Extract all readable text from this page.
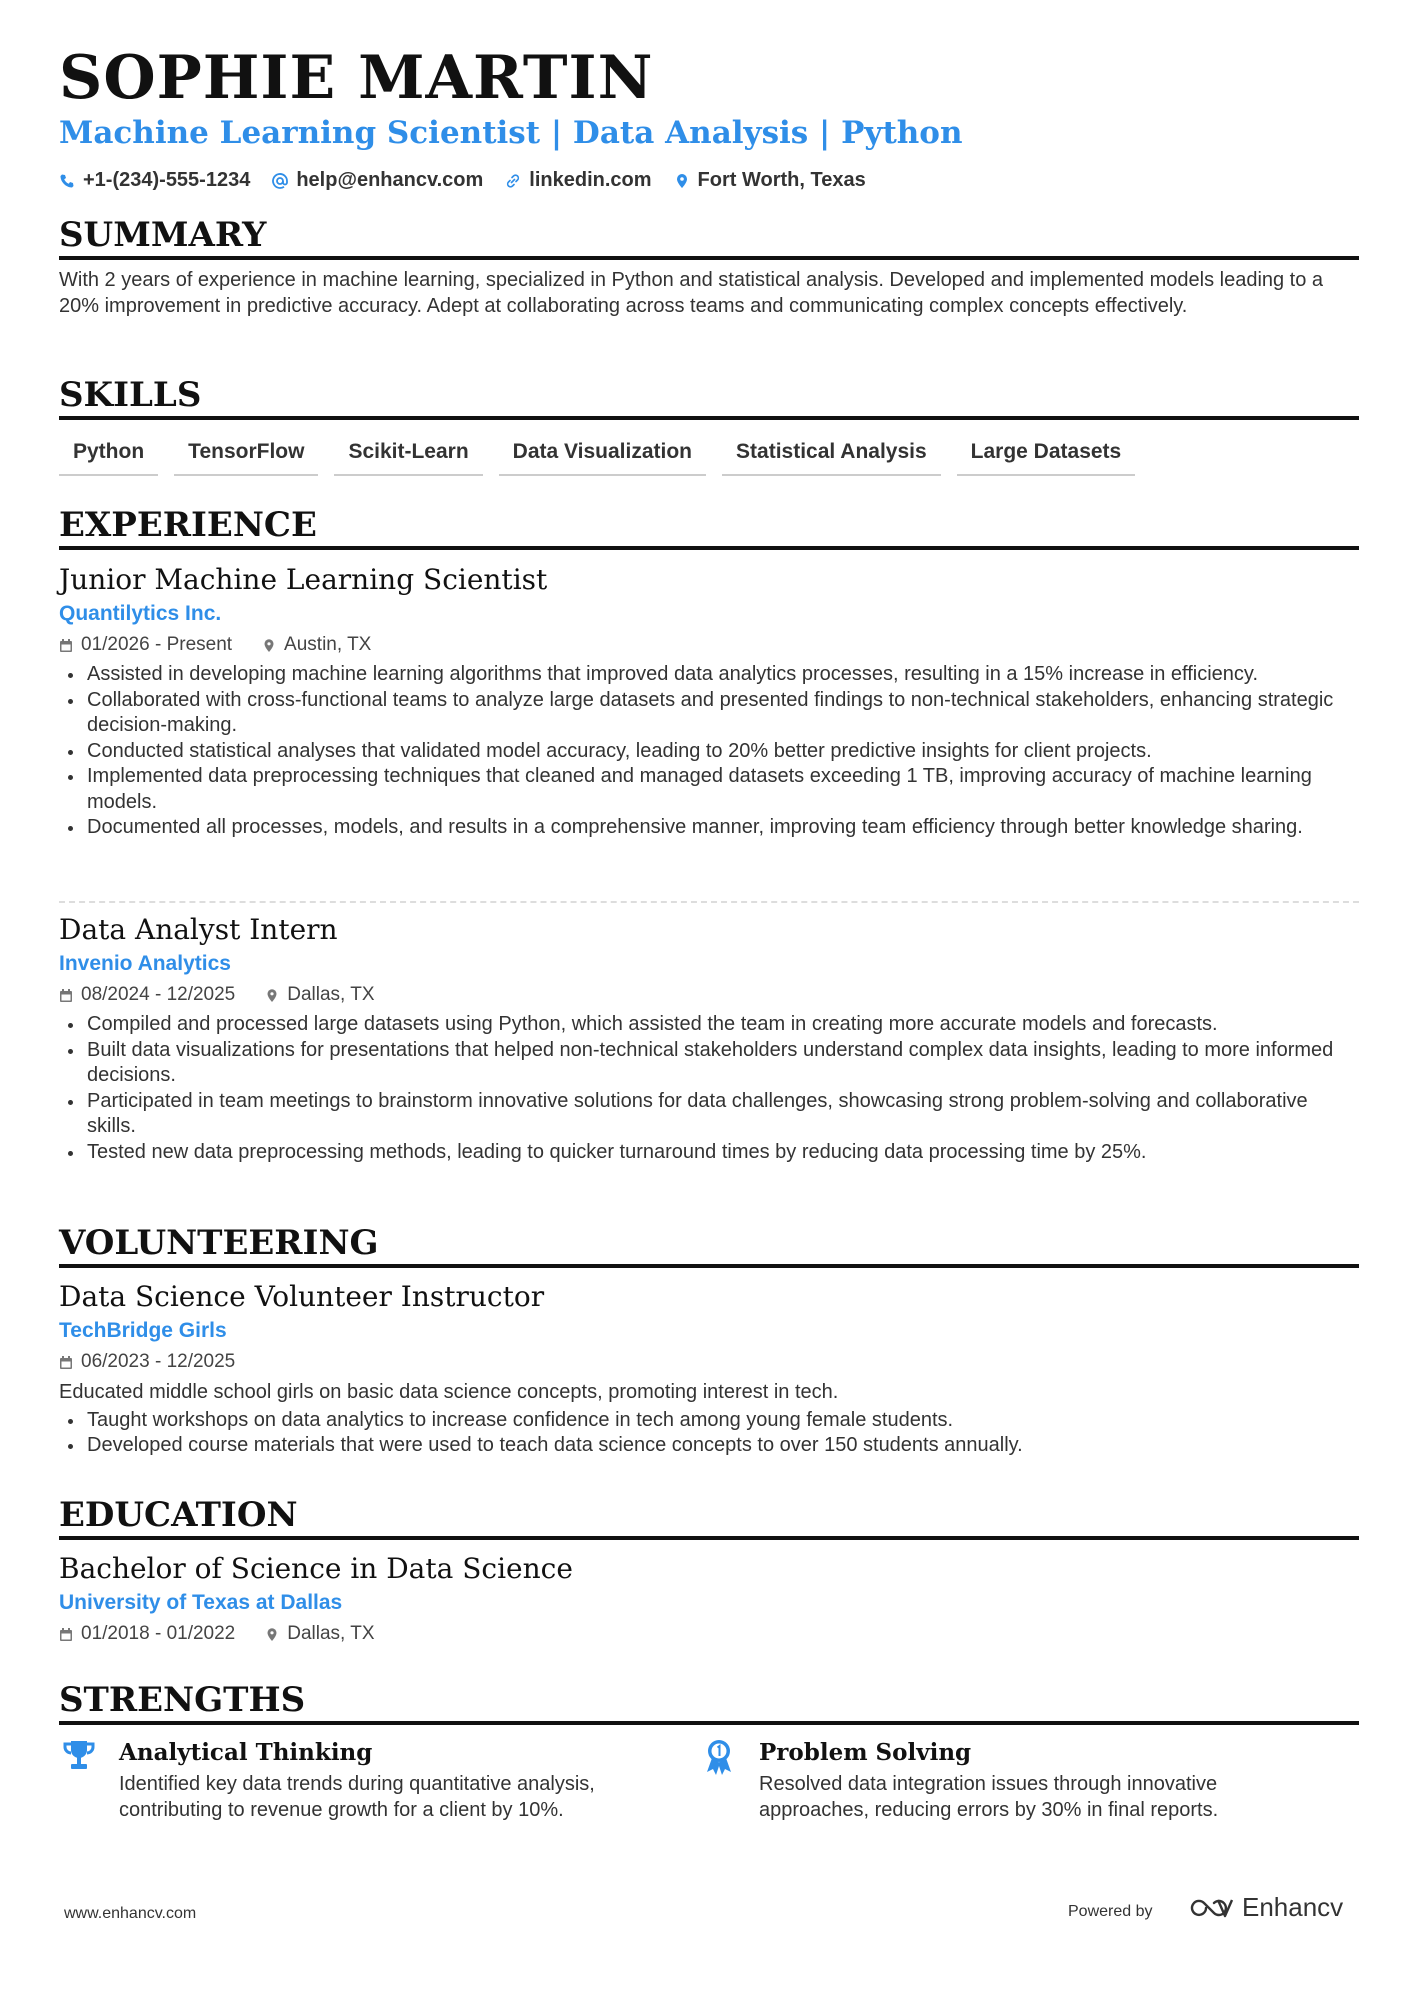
SOPHIE MARTIN
Machine Learning Scientist | Data Analysis | Python
+1-(234)-555-1234 help@enhancv.com linkedin.com Fort Worth, Texas
SUMMARY

With 2 years of experience in machine learning, specialized in Python and statistical analysis. Developed and implemented models leading to a 20% improvement in predictive accuracy. Adept at collaborating across teams and communicating complex concepts effectively.

SKILLS
Python	TensorFlow	Scikit-Learn	Data Visualization	Statistical Analysis	Large Datasets
EXPERIENCE
Junior Machine Learning Scientist
Quantilytics Inc.
01/2026 - Present	Austin, TX
Assisted in developing machine learning algorithms that improved data analytics processes, resulting in a 15% increase in efficiency.
Collaborated with cross-functional teams to analyze large datasets and presented findings to non-technical stakeholders, enhancing strategic decision-making.
Conducted statistical analyses that validated model accuracy, leading to 20% better predictive insights for client projects.
Implemented data preprocessing techniques that cleaned and managed datasets exceeding 1 TB, improving accuracy of machine learning models.
Documented all processes, models, and results in a comprehensive manner, improving team efficiency through better knowledge sharing.
Data Analyst Intern
Invenio Analytics
08/2024 - 12/2025	Dallas, TX
Compiled and processed large datasets using Python, which assisted the team in creating more accurate models and forecasts.
Built data visualizations for presentations that helped non-technical stakeholders understand complex data insights, leading to more informed decisions.
Participated in team meetings to brainstorm innovative solutions for data challenges, showcasing strong problem-solving and collaborative skills.
Tested new data preprocessing methods, leading to quicker turnaround times by reducing data processing time by 25%.
VOLUNTEERING
Data Science Volunteer Instructor
TechBridge Girls
06/2023 - 12/2025

Educated middle school girls on basic data science concepts, promoting interest in tech.

Taught workshops on data analytics to increase confidence in tech among young female students.
Developed course materials that were used to teach data science concepts to over 150 students annually.
EDUCATION
Bachelor of Science in Data Science
University of Texas at Dallas
01/2018 - 01/2022	Dallas, TX
STRENGTHS
Analytical Thinking
Identified key data trends during quantitative analysis, contributing to revenue growth for a client by 10%.
Problem Solving
Resolved data integration issues through innovative approaches, reducing errors by 30% in final reports.
www.enhancv.com	Powered by	Enhancv
